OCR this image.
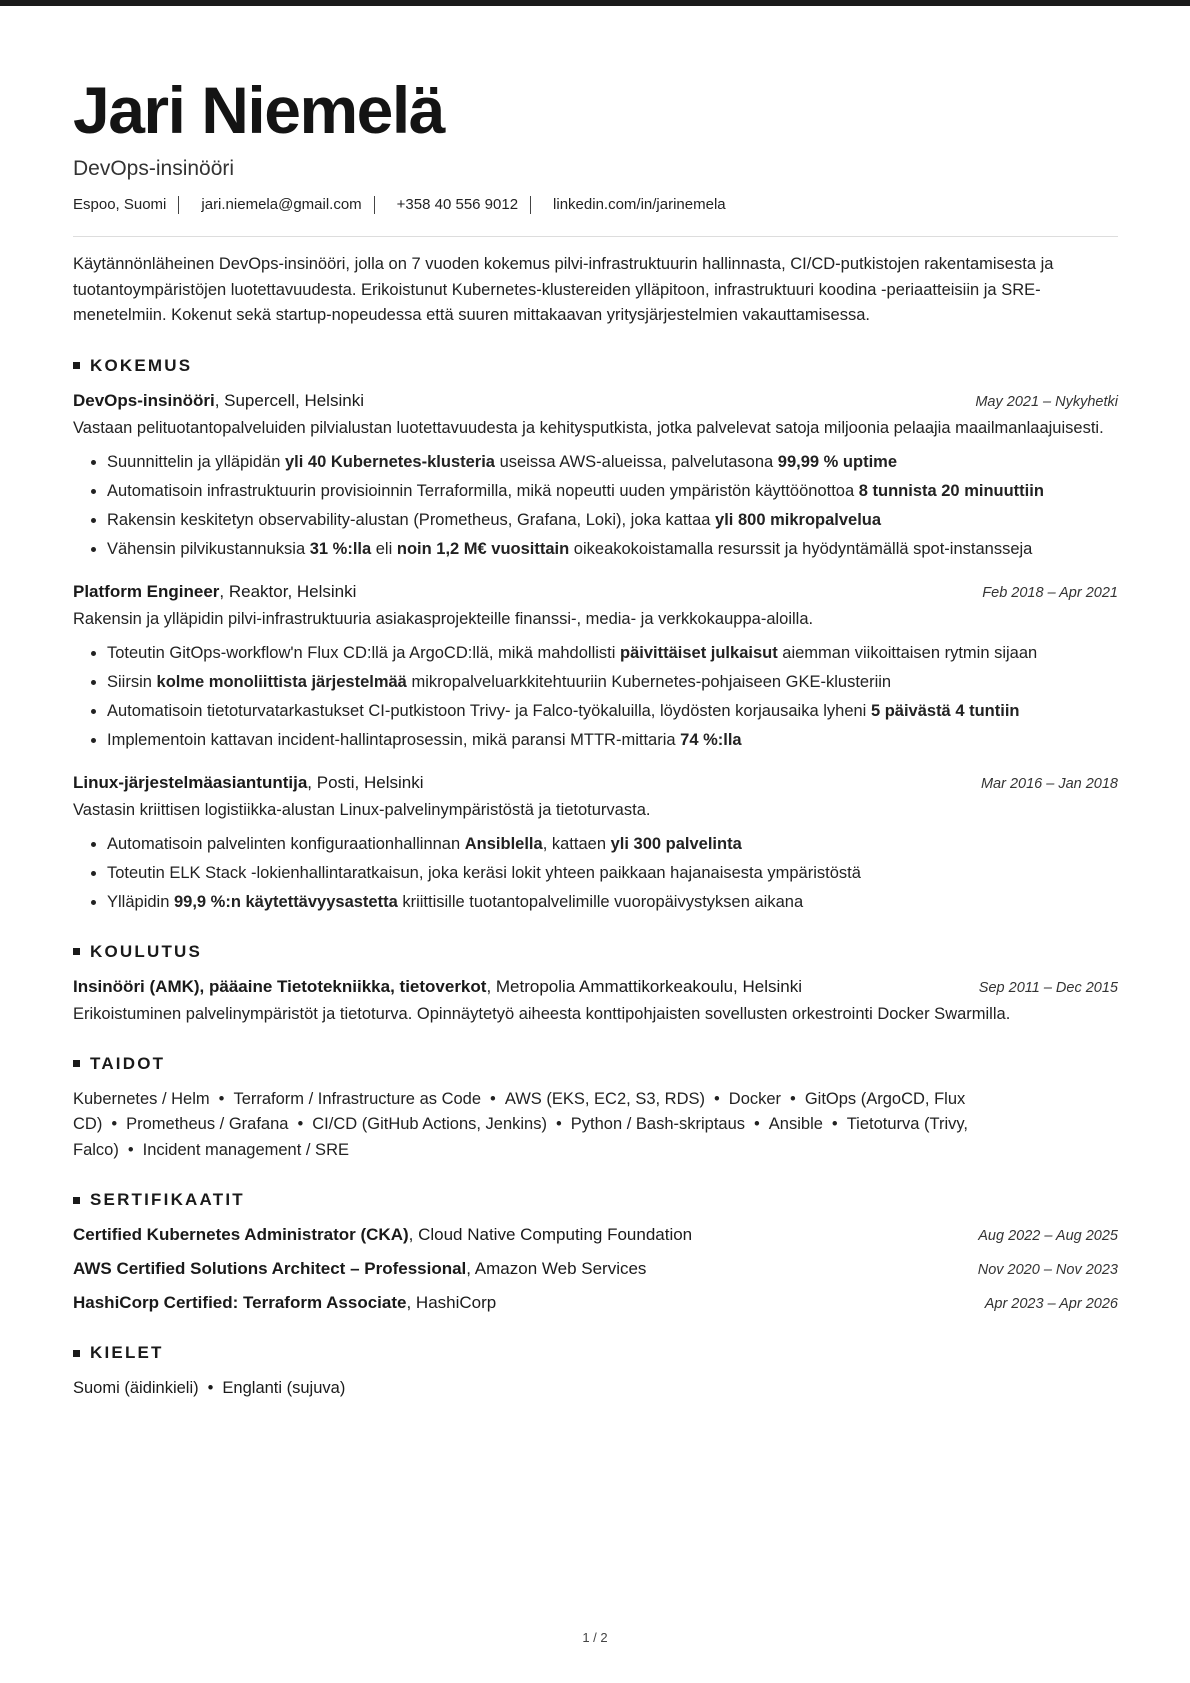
Jari Niemelä
DevOps-insinööri
Espoo, Suomi jari.niemela@gmail.com +358 40 556 9012 linkedin.com/in/jarinemela
Käytännönläheinen DevOps-insinööri, jolla on 7 vuoden kokemus pilvi-infrastruktuurin hallinnasta, CI/CD-putkistojen rakentamisesta ja tuotantoympäristöjen luotettavuudesta. Erikoistunut Kubernetes-klustereiden ylläpitoon, infrastruktuuri koodina -periaatteisiin ja SRE-menetelmiin. Kokenut sekä startup-nopeudessa että suuren mittakaavan yritysjärjestelmien vakauttamisessa.
KOKEMUS
DevOps-insinööri, Supercell, Helsinki	May 2021 – Nykyhetki
Vastaan pelituotantopalveluiden pilvialustan luotettavuudesta ja kehitysputkista, jotka palvelevat satoja miljoonia pelaajia maailmanlaajuisesti.
• Suunnittelin ja ylläpidän yli 40 Kubernetes-klusteria useissa AWS-alueissa, palvelutasona 99,99 % uptime
• Automatisoin infrastruktuurin provisioinnin Terraformilla, mikä nopeutti uuden ympäristön käyttöönottoa 8 tunnista 20 minuuttiin
• Rakensin keskitetyn observability-alustan (Prometheus, Grafana, Loki), joka kattaa yli 800 mikropalvelua
• Vähensin pilvikustannuksia 31 %:lla eli noin 1,2 M€ vuosittain oikeakokoistamalla resurssit ja hyödyntämällä spot-instansseja
Platform Engineer, Reaktor, Helsinki	Feb 2018 – Apr 2021
Rakensin ja ylläpidin pilvi-infrastruktuuria asiakasprojekteille finanssi-, media- ja verkkokauppa-aloilla.
• Toteutin GitOps-workflow'n Flux CD:llä ja ArgoCD:llä, mikä mahdollisti päivittäiset julkaisut aiemman viikoittaisen rytmin sijaan
• Siirsin kolme monoliittista järjestelmää mikropalveluarkkitehtuuriin Kubernetes-pohjaiseen GKE-klusteriin
• Automatisoin tietoturvatarkastukset CI-putkistoon Trivy- ja Falco-työkaluilla, löydösten korjausaika lyheni 5 päivästä 4 tuntiin
• Implementoin kattavan incident-hallintaprosessin, mikä paransi MTTR-mittaria 74 %:lla
Linux-järjestelmäasiantuntija, Posti, Helsinki	Mar 2016 – Jan 2018
Vastasin kriittisen logistiikka-alustan Linux-palvelinympäristöstä ja tietoturvasta.
• Automatisoin palvelinten konfiguraationhallinnan Ansiblella, kattaen yli 300 palvelinta
• Toteutin ELK Stack -lokienhallintaratkaisun, joka keräsi lokit yhteen paikkaan hajanaisesta ympäristöstä
• Ylläpidin 99,9 %:n käytettävyysastetta kriittisille tuotantopalvelimille vuoropäivystyksen aikana
KOULUTUS
Insinööri (AMK), pääaine Tietotekniikka, tietoverkot, Metropolia Ammattikorkeakoulu, Helsinki	Sep 2011 – Dec 2015
Erikoistuminen palvelinympäristöt ja tietoturva. Opinnäytetyö aiheesta konttipohjaisten sovellusten orkestrointi Docker Swarmilla.
TAIDOT
Kubernetes / Helm • Terraform / Infrastructure as Code • AWS (EKS, EC2, S3, RDS) • Docker • GitOps (ArgoCD, Flux CD) • Prometheus / Grafana • CI/CD (GitHub Actions, Jenkins) • Python / Bash-skriptaus • Ansible • Tietoturva (Trivy, Falco) • Incident management / SRE
SERTIFIKAATIT
Certified Kubernetes Administrator (CKA), Cloud Native Computing Foundation	Aug 2022 – Aug 2025
AWS Certified Solutions Architect – Professional, Amazon Web Services	Nov 2020 – Nov 2023
HashiCorp Certified: Terraform Associate, HashiCorp	Apr 2023 – Apr 2026
KIELET
Suomi (äidinkieli) • Englanti (sujuva)
1 / 2
